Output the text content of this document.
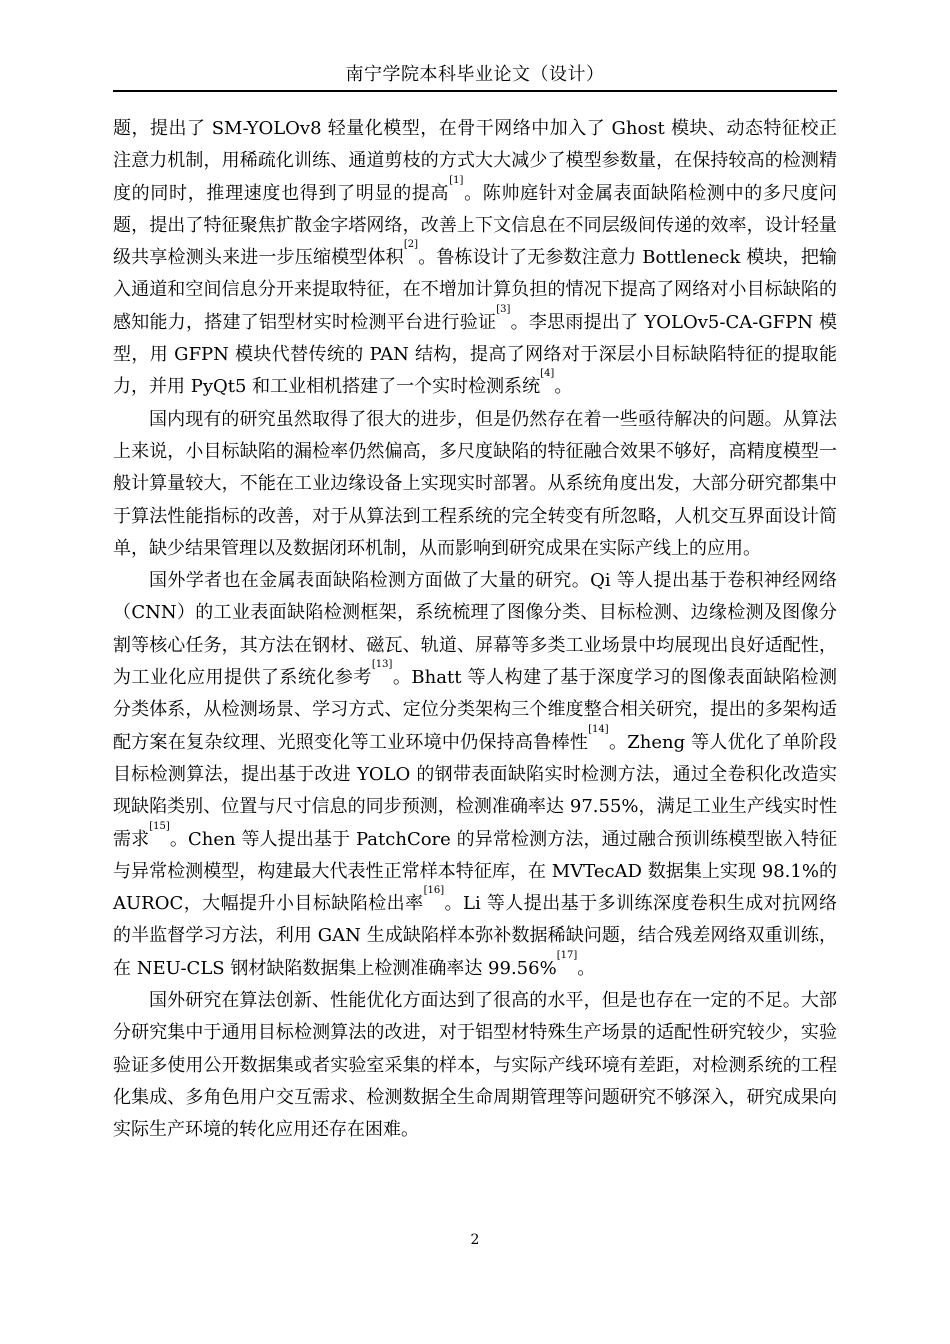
南宁学院本科毕业论文（设计）

题，提出了 SM-YOLOv8 轻量化模型，在骨干网络中加入了 Ghost 模块、动态特征校正注意力机制，用稀疏化训练、通道剪枝的方式大大减少了模型参数量，在保持较高的检测精度的同时，推理速度也得到了明显的提高[1]。陈帅庭针对金属表面缺陷检测中的多尺度问题，提出了特征聚焦扩散金字塔网络，改善上下文信息在不同层级间传递的效率，设计轻量级共享检测头来进一步压缩模型体积[2]。鲁栋设计了无参数注意力 Bottleneck 模块，把输入通道和空间信息分开来提取特征，在不增加计算负担的情况下提高了网络对小目标缺陷的感知能力，搭建了铝型材实时检测平台进行验证[3]。李思雨提出了 YOLOv5-CA-GFPN 模型，用 GFPN 模块代替传统的 PAN 结构，提高了网络对于深层小目标缺陷特征的提取能力，并用 PyQt5 和工业相机搭建了一个实时检测系统[4]。

国内现有的研究虽然取得了很大的进步，但是仍然存在着一些亟待解决的问题。从算法上来说，小目标缺陷的漏检率仍然偏高，多尺度缺陷的特征融合效果不够好，高精度模型一般计算量较大，不能在工业边缘设备上实现实时部署。从系统角度出发，大部分研究都集中于算法性能指标的改善，对于从算法到工程系统的完全转变有所忽略，人机交互界面设计简单，缺少结果管理以及数据闭环机制，从而影响到研究成果在实际产线上的应用。

国外学者也在金属表面缺陷检测方面做了大量的研究。Qi 等人提出基于卷积神经网络（CNN）的工业表面缺陷检测框架，系统梳理了图像分类、目标检测、边缘检测及图像分割等核心任务，其方法在钢材、磁瓦、轨道、屏幕等多类工业场景中均展现出良好适配性，为工业化应用提供了系统化参考[13]。Bhatt 等人构建了基于深度学习的图像表面缺陷检测分类体系，从检测场景、学习方式、定位分类架构三个维度整合相关研究，提出的多架构适配方案在复杂纹理、光照变化等工业环境中仍保持高鲁棒性[14]。Zheng 等人优化了单阶段目标检测算法，提出基于改进 YOLO 的钢带表面缺陷实时检测方法，通过全卷积化改造实现缺陷类别、位置与尺寸信息的同步预测，检测准确率达 97.55%，满足工业生产线实时性需求[15]。Chen 等人提出基于 PatchCore 的异常检测方法，通过融合预训练模型嵌入特征与异常检测模型，构建最大代表性正常样本特征库，在 MVTecAD 数据集上实现 98.1%的 AUROC，大幅提升小目标缺陷检出率[16]。Li 等人提出基于多训练深度卷积生成对抗网络的半监督学习方法，利用 GAN 生成缺陷样本弥补数据稀缺问题，结合残差网络双重训练，在 NEU-CLS 钢材缺陷数据集上检测准确率达 99.56%[17]。

国外研究在算法创新、性能优化方面达到了很高的水平，但是也存在一定的不足。大部分研究集中于通用目标检测算法的改进，对于铝型材特殊生产场景的适配性研究较少，实验验证多使用公开数据集或者实验室采集的样本，与实际产线环境有差距，对检测系统的工程化集成、多角色用户交互需求、检测数据全生命周期管理等问题研究不够深入，研究成果向实际生产环境的转化应用还存在困难。

2
